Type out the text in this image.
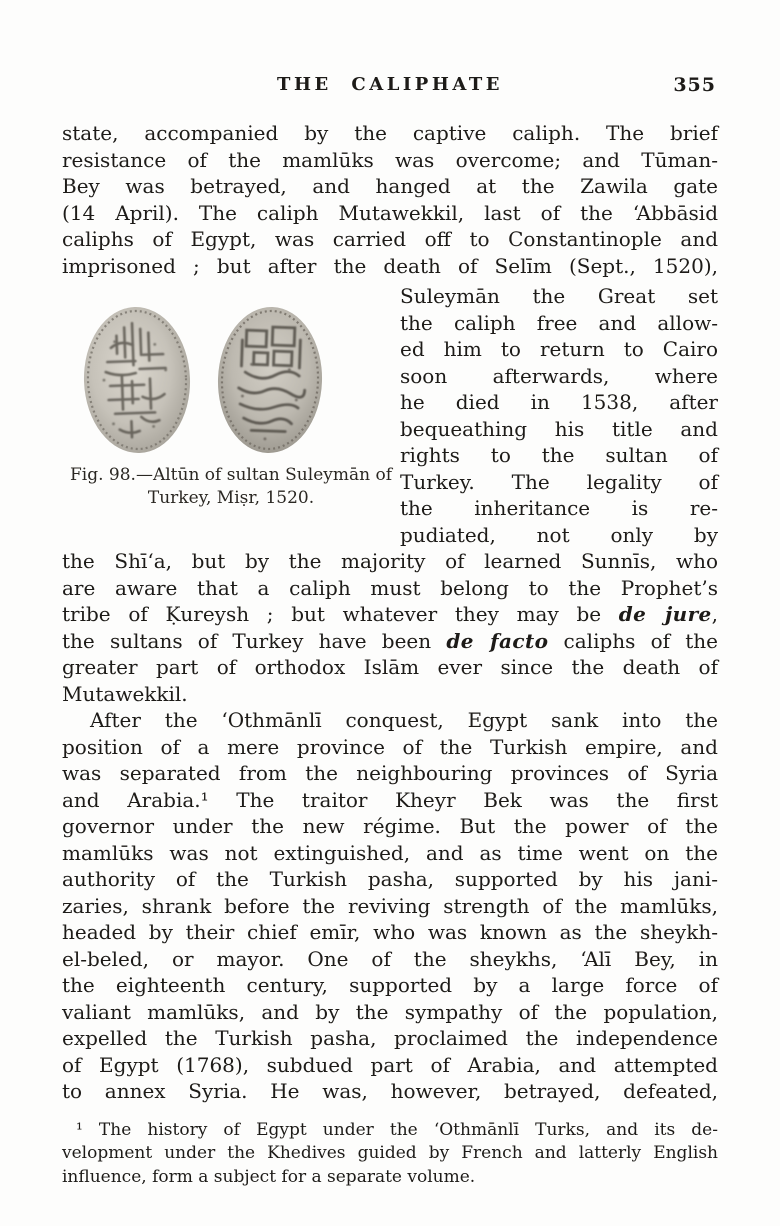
THE CALIPHATE	355
state, accompanied by the captive caliph. The brief
resistance of the mamlūks was overcome; and Tūman-
Bey was betrayed, and hanged at the Zawila gate
(14 April). The caliph Mutawekkil, last of the ‘Abbāsid
caliphs of Egypt, was carried off to Constantinople and
imprisoned ; but after the death of Selīm (Sept., 1520),
Fig. 98.—Altūn of sultan Suleymān of
Turkey, Miṣr, 1520.
Suleymān the Great set
the caliph free and allow-
ed him to return to Cairo
soon afterwards, where
he died in 1538, after
bequeathing his title and
rights to the sultan of
Turkey. The legality of
the inheritance is re-
pudiated, not only by
the Shī‘a, but by the majority of learned Sunnīs, who
are aware that a caliph must belong to the Prophet’s
tribe of Ḳureysh ; but whatever they may be de jure,
the sultans of Turkey have been de facto caliphs of the
greater part of orthodox Islām ever since the death of
Mutawekkil.
After the ‘Othmānlī conquest, Egypt sank into the
position of a mere province of the Turkish empire, and
was separated from the neighbouring provinces of Syria
and Arabia.¹ The traitor Kheyr Bek was the first
governor under the new régime. But the power of the
mamlūks was not extinguished, and as time went on the
authority of the Turkish pasha, supported by his jani-
zaries, shrank before the reviving strength of the mamlūks,
headed by their chief emīr, who was known as the sheykh-
el-beled, or mayor. One of the sheykhs, ‘Alī Bey, in
the eighteenth century, supported by a large force of
valiant mamlūks, and by the sympathy of the population,
expelled the Turkish pasha, proclaimed the independence
of Egypt (1768), subdued part of Arabia, and attempted
to annex Syria. He was, however, betrayed, defeated,
¹ The history of Egypt under the ‘Othmānlī Turks, and its de-
velopment under the Khedives guided by French and latterly English
influence, form a subject for a separate volume.
